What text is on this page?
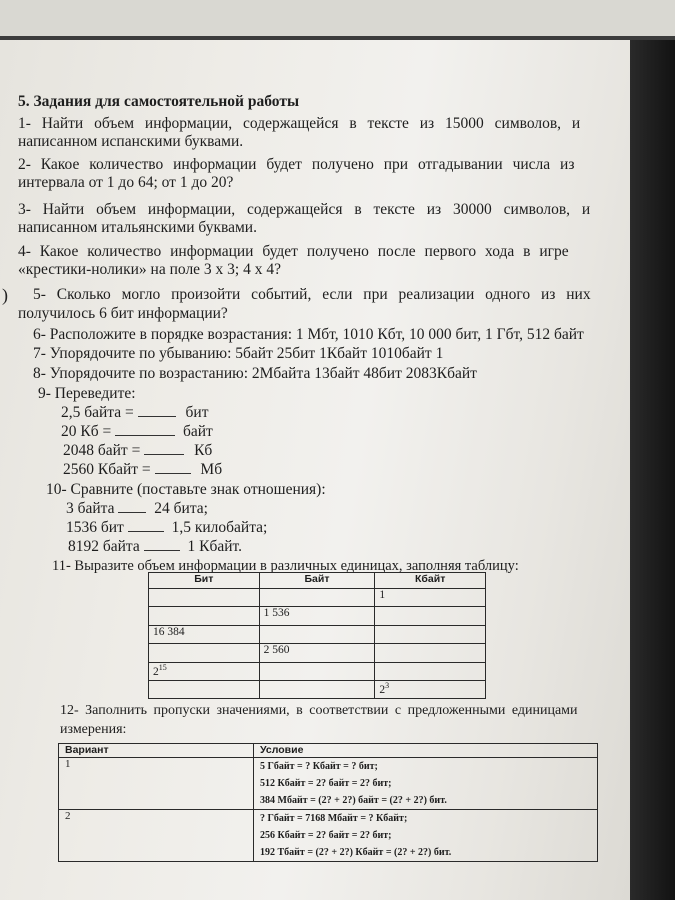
5. Задания для самостоятельной работы
1- Найти объем информации, содержащейся в тексте из 15000 символов, и
написанном испанскими буквами.
2- Какое количество информации будет получено при отгадывании числа из
интервала от 1 до 64; от 1 до 20?
3- Найти объем информации, содержащейся в тексте из 30000 символов, и
написанном итальянскими буквами.
4- Какое количество информации будет получено после первого хода в игре
«крестики-нолики» на поле 3 х 3; 4 х 4?
) 5- Сколько могло произойти событий, если при реализации одного из них
получилось 6 бит информации?
6- Расположите в порядке возрастания: 1 Мбт, 1010 Кбт, 10 000 бит, 1 Гбт, 512 байт
7- Упорядочите по убыванию: 5байт 25бит 1Кбайт 1010байт 1
8- Упорядочите по возрастанию: 2Мбайта 13байт 48бит 2083Кбайт
9- Переведите:
2,5 байта =	бит
20 Кб =	байт
2048 байт =	Кб
2560 Кбайт =	Мб
10- Сравните (поставьте знак отношения):
3 байта	24 бита;
1536 бит	1,5 килобайта;
8192 байта	1 Кбайт.
11- Выразите объем информации в различных единицах, заполняя таблицу:
Бит	Байт	Кбайт
		1
	1 536	
16 384		
	2 560	
$2^{15}$		
		$2^3$
12- Заполнить пропуски значениями, в соответствии с предложенными единицами
измерения:
Вариант	Условие
1	5 Гбайт = ? Кбайт = ? бит;
512 Кбайт = 2? байт = 2? бит;
384 Мбайт = (2? + 2?) байт = (2? + 2?) бит.

2	? Гбайт = 7168 Мбайт = ? Кбайт;
256 Кбайт = 2? байт = 2? бит;
192 Тбайт = (2? + 2?) Кбайт = (2? + 2?) бит.
